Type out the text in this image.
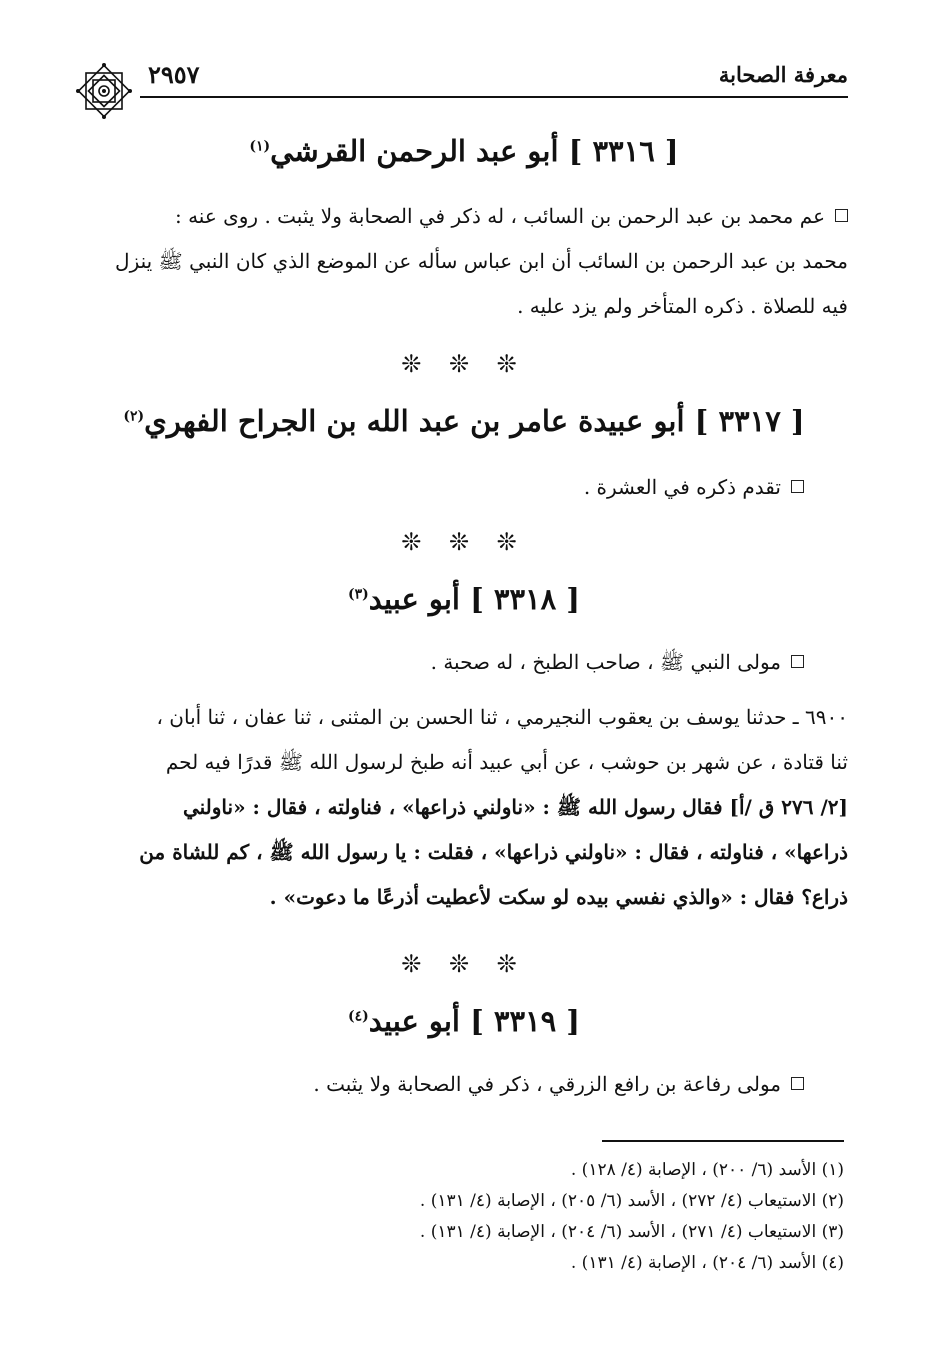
معرفة الصحابة
٢٩٥٧
[ ٣٣١٦ ] أبو عبد الرحمن القرشي$^{(١)}$
عم محمد بن عبد الرحمن بن السائب ، له ذكر في الصحابة ولا يثبت . روى عنه :
محمد بن عبد الرحمن بن السائب أن ابن عباس سأله عن الموضع الذي كان النبي ﷺ ينزل
فيه للصلاة . ذكره المتأخر ولم يزد عليه .
❊ ❊ ❊
[ ٣٣١٧ ] أبو عبيدة عامر بن عبد الله بن الجراح الفهري$^{(٢)}$
تقدم ذكره في العشرة .
❊ ❊ ❊
[ ٣٣١٨ ] أبو عبيد$^{(٣)}$
مولى النبي ﷺ ، صاحب الطبخ ، له صحبة .
٦٩٠٠ ـ حدثنا يوسف بن يعقوب النجيرمي ، ثنا الحسن بن المثنى ، ثنا عفان ، ثنا أبان ،
ثنا قتادة ، عن شهر بن حوشب ، عن أبي عبيد أنه طبخ لرسول الله ﷺ قدرًا فيه لحم
[٢/ ٢٧٦ ق /أ] فقال رسول الله ﷺ : «ناولني ذراعها» ، فناولته ، فقال : «ناولني
ذراعها» ، فناولته ، فقال : «ناولني ذراعها» ، فقلت : يا رسول الله ﷺ ، كم للشاة من
ذراع؟ فقال : «والذي نفسي بيده لو سكت لأعطيت أذرعًا ما دعوت» .
❊ ❊ ❊
[ ٣٣١٩ ] أبو عبيد$^{(٤)}$
مولى رفاعة بن رافع الزرقي ، ذكر في الصحابة ولا يثبت .
(١) الأسد (٦/ ٢٠٠) ، الإصابة (٤/ ١٢٨) .
(٢) الاستيعاب (٤/ ٢٧٢) ، الأسد (٦/ ٢٠٥) ، الإصابة (٤/ ١٣١) .
(٣) الاستيعاب (٤/ ٢٧١) ، الأسد (٦/ ٢٠٤) ، الإصابة (٤/ ١٣١) .
(٤) الأسد (٦/ ٢٠٤) ، الإصابة (٤/ ١٣١) .
